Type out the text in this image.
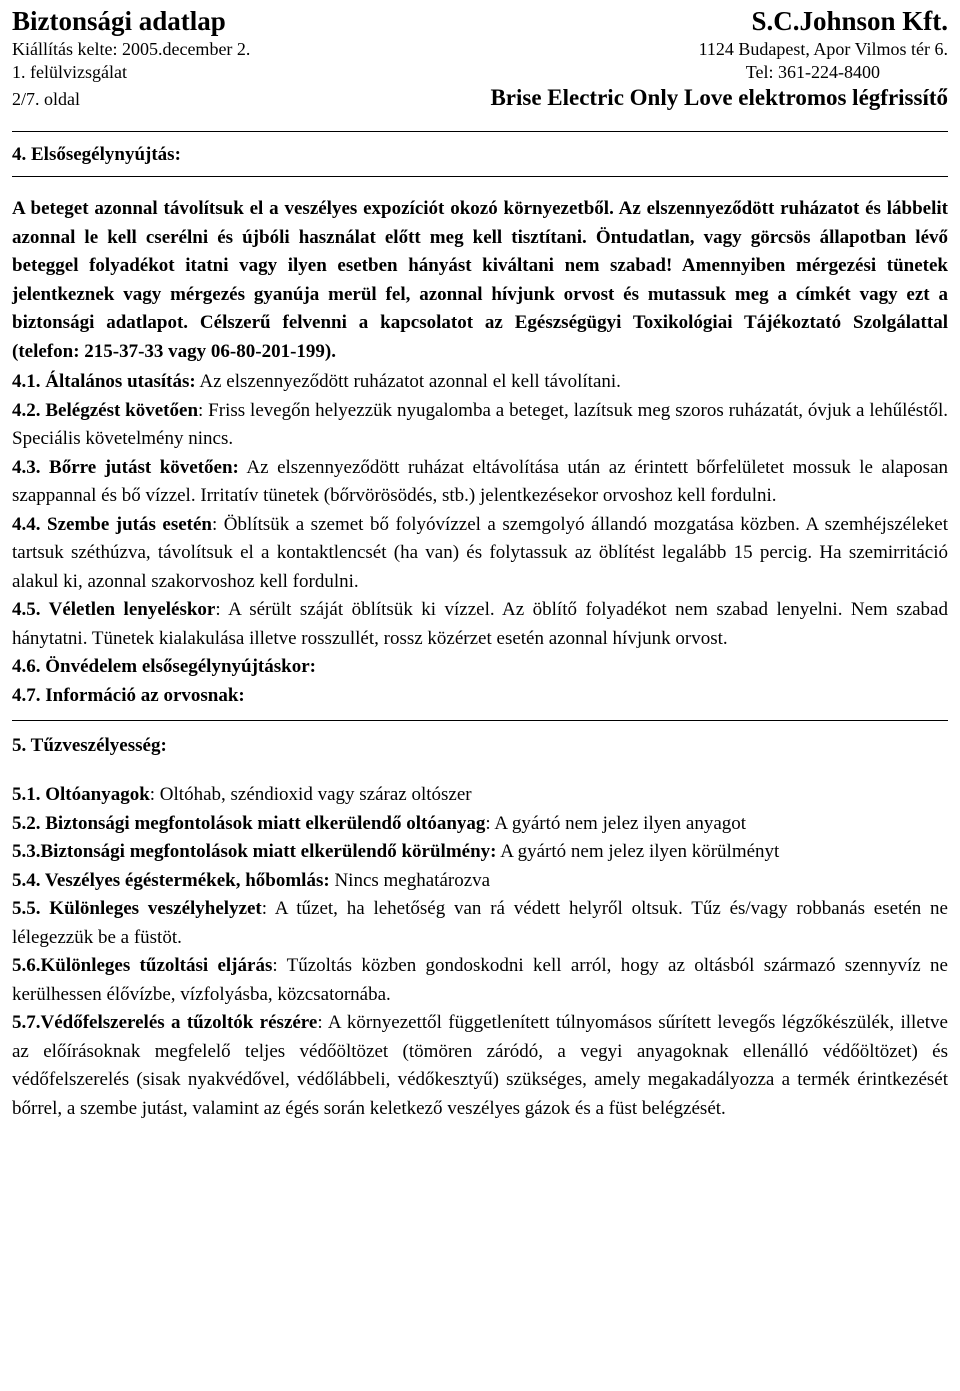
Biztonsági adatlap	S.C.Johnson Kft.
Kiállítás kelte: 2005.december 2.	1124 Budapest, Apor Vilmos tér 6.
1. felülvizsgálat	Tel: 361-224-8400
2/7. oldal	Brise Electric Only Love elektromos légfrissítő
4. Elsősegélynyújtás:
A beteget azonnal távolítsuk el a veszélyes expozíciót okozó környezetből. Az elszennyeződött ruházatot és lábbelit azonnal le kell cserélni és újbóli használat előtt meg kell tisztítani. Öntudatlan, vagy görcsös állapotban lévő beteggel folyadékot itatni vagy ilyen esetben hányást kiváltani nem szabad! Amennyiben mérgezési tünetek jelentkeznek vagy mérgezés gyanúja merül fel, azonnal hívjunk orvost és mutassuk meg a címkét vagy ezt a biztonsági adatlapot. Célszerű felvenni a kapcsolatot az Egészségügyi Toxikológiai Tájékoztató Szolgálattal (telefon: 215-37-33 vagy 06-80-201-199).
4.1. Általános utasítás: Az elszennyeződött ruházatot azonnal el kell távolítani.
4.2. Belégzést követően: Friss levegőn helyezzük nyugalomba a beteget, lazítsuk meg szoros ruházatát, óvjuk a lehűléstől. Speciális követelmény nincs.
4.3. Bőrre jutást követően: Az elszennyeződött ruházat eltávolítása után az érintett bőrfelületet mossuk le alaposan szappannal és bő vízzel. Irritatív tünetek (bőrvörösödés, stb.) jelentkezésekor orvoshoz kell fordulni.
4.4. Szembe jutás esetén: Öblítsük a szemet bő folyóvízzel a szemgolyó állandó mozgatása közben. A szemhéjszéleket tartsuk széthúzva, távolítsuk el a kontaktlencsét (ha van) és folytassuk az öblítést legalább 15 percig. Ha szemirritáció alakul ki, azonnal szakorvoshoz kell fordulni.
4.5. Véletlen lenyeléskor: A sérült száját öblítsük ki vízzel. Az öblítő folyadékot nem szabad lenyelni. Nem szabad hánytatni. Tünetek kialakulása illetve rosszullét, rossz közérzet esetén azonnal hívjunk orvost.
4.6. Önvédelem elsősegélynyújtáskor:
4.7. Információ az orvosnak:
5. Tűzveszélyesség:
5.1. Oltóanyagok: Oltóhab, széndioxid vagy száraz oltószer
5.2. Biztonsági megfontolások miatt elkerülendő oltóanyag: A gyártó nem jelez ilyen anyagot
5.3.Biztonsági megfontolások miatt elkerülendő körülmény: A gyártó nem jelez ilyen körülményt
5.4. Veszélyes égéstermékek, hőbomlás: Nincs meghatározva
5.5. Különleges veszélyhelyzet: A tűzet, ha lehetőség van rá védett helyről oltsuk. Tűz és/vagy robbanás esetén ne lélegezzük be a füstöt.
5.6.Különleges tűzoltási eljárás: Tűzoltás közben gondoskodni kell arról, hogy az oltásból származó szennyvíz ne kerülhessen élővízbe, vízfolyásba, közcsatornába.
5.7.Védőfelszerelés a tűzoltók részére: A környezettől függetlenített túlnyomásos sűrített levegős légzőkészülék, illetve az előírásoknak megfelelő teljes védőöltözet (tömören záródó, a vegyi anyagoknak ellenálló védőöltözet) és védőfelszerelés (sisak nyakvédővel, védőlábbeli, védőkesztyű) szükséges, amely megakadályozza a termék érintkezését bőrrel, a szembe jutást, valamint az égés során keletkező veszélyes gázok és a füst belégzését.
